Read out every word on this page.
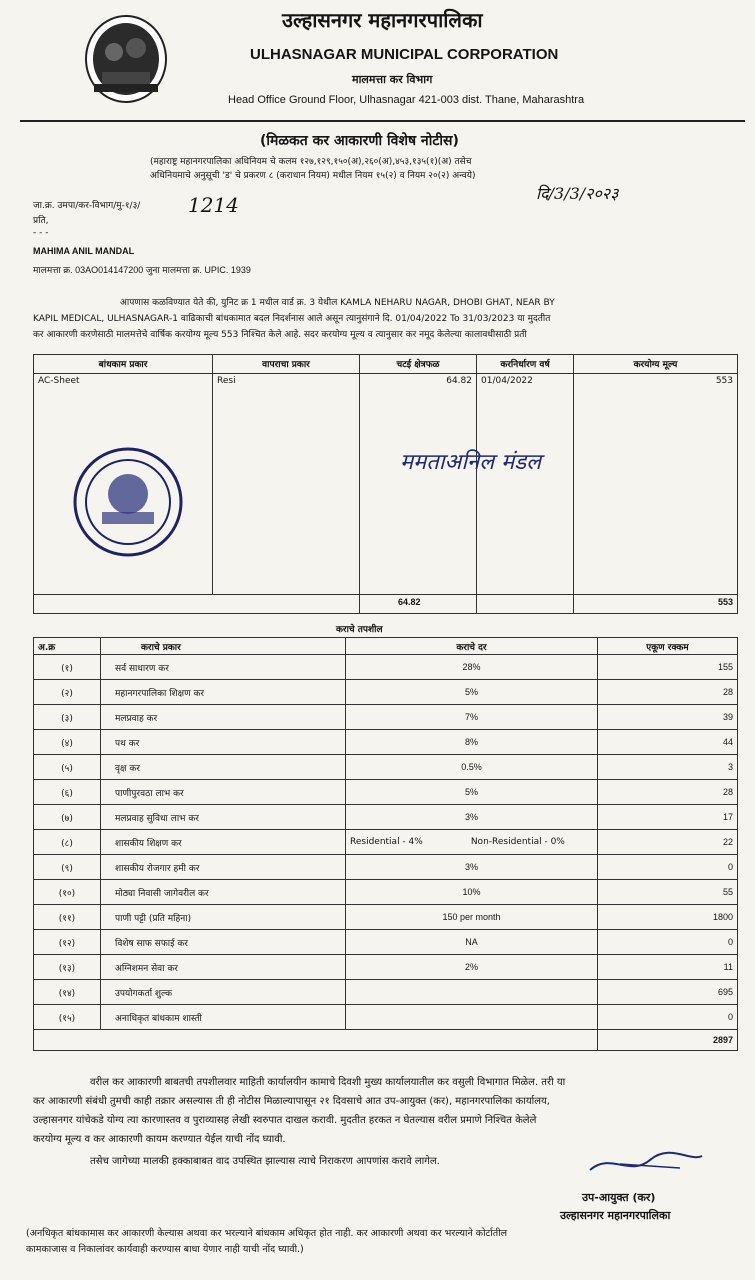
उल्हासनगर महानगरपालिका
ULHASNAGAR MUNICIPAL CORPORATION
मालमत्ता कर विभाग
Head Office Ground Floor, Ulhasnagar 421-003 dist. Thane, Maharashtra
(मिळकत कर आकारणी विशेष नोटीस)
(महाराष्ट्र महानगरपालिका अधिनियम चे कलम १२७,१२९,१५०(अ),२६०(अ),४५३,१३५(१)(अ) तसेच
अधिनियमाचे अनुसूची 'ड' चे प्रकरण ८ (कराधान नियम) मधील नियम १५(२) व नियम २०(२) अन्वये)
जा.क्र. उमपा/कर-विभाग/मु-१/३/ 1214	दि/3/3/२०२३
प्रति,
- - -
MAHIMA ANIL MANDAL
मालमत्ता क्र. 03AO014147200 जुना मालमत्ता क्र. UPIC. 1939
आपणास कळविण्यात येते की, युनिट क्र 1 मधील वार्ड क्र. 3 येथील KAMLA NEHARU NAGAR, DHOBI GHAT, NEAR BY
KAPIL MEDICAL, ULHASNAGAR-1 वाढिकाची बांधकामात बदल निदर्शनास आले असून त्यानुसंगाने दि. 01/04/2022 To 31/03/2023 या मुदतीत
कर आकारणी करणेसाठी मालमत्तेचे वार्षिक करयोग्य मूल्य 553 निश्चित केले आहे. सदर करयोग्य मूल्य व त्यानुसार कर नमूद केलेल्या कालावधीसाठी प्रती
बांधकाम प्रकार	वापराचा प्रकार	चटई क्षेत्रफळ	करनिर्धारण वर्ष	करयोग्य मूल्य
AC-Sheet	Resi	64.82	01/04/2022	553
		64.82		553
ममताअनिल मंडल
कराचे तपशील
अ.क्र	कराचे प्रकार	कराचे दर	एकूण रक्कम
(१)	सर्व साधारण कर	28%	155
(२)	महानगरपालिका शिक्षण कर	5%	28
(३)	मलप्रवाह कर	7%	39
(४)	पथ कर	8%	44
(५)	वृक्ष कर	0.5%	3
(६)	पाणीपुरवठा लाभ कर	5%	28
(७)	मलप्रवाह सुविधा लाभ कर	3%	17
(८)	शासकीय शिक्षण कर	Residential - 4% Non-Residential - 0%	22
(९)	शासकीय रोजगार हमी कर	3%	0
(१०)	मोठ्या निवासी जागेवरील कर	10%	55
(११)	पाणी पट्टी (प्रति महिना)	150 per month	1800
(१२)	विशेष साफ सफाई कर	NA	0
(१३)	अग्निशमन सेवा कर	2%	11
(१४)	उपयोगकर्ता शुल्क		695
(१५)	अनाधिकृत बांधकाम शास्ती		0
			2897
वरील कर आकारणी बाबतची तपशीलवार माहिती कार्यालयीन कामाचे दिवशी मुख्य कार्यालयातील कर वसुली विभागात मिळेल. तरी या
कर आकारणी संबंधी तुमची काही तक्रार असल्यास ती ही नोटीस मिळाल्यापासून २१ दिवसाचे आत उप-आयुक्त (कर), महानगरपालिका कार्यालय,
उल्हासनगर यांचेकडे योग्य त्या कारणास्तव व पुराव्यासह लेखी स्वरुपात दाखल करावी. मुदतीत हरकत न घेतल्यास वरील प्रमाणे निश्चित केलेले
करयोग्य मूल्य व कर आकारणी कायम करण्यात येईल याची नोंद घ्यावी.
तसेच जागेच्या मालकी हक्काबाबत वाद उपस्थित झाल्यास त्याचे निराकरण आपणांस करावे लागेल.
उप-आयुक्त (कर)
उल्हासनगर महानगरपालिका
(अनधिकृत बांधकामास कर आकारणी केल्यास अथवा कर भरल्याने बांधकाम अधिकृत होत नाही. कर आकारणी अथवा कर भरल्याने कोर्टातील
कामकाजास व निकालांवर कार्यवाही करण्यास बाधा येणार नाही याची नोंद घ्यावी.)
